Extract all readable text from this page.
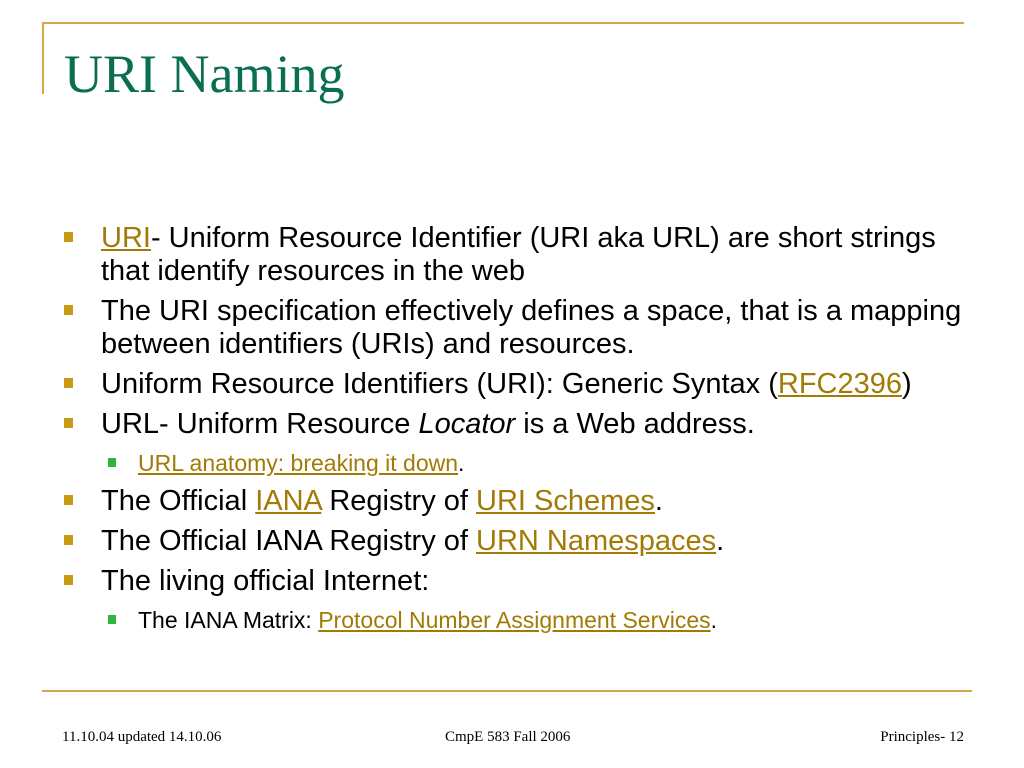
URI Naming
URI- Uniform Resource Identifier (URI aka URL) are short strings that identify resources in the web
The URI specification effectively defines a space, that is a mapping between identifiers (URIs) and resources.
Uniform Resource Identifiers (URI): Generic Syntax (RFC2396)
URL- Uniform Resource Locator is a Web address.
URL anatomy: breaking it down.
The Official IANA Registry of URI Schemes.
The Official IANA Registry of URN Namespaces.
The living official Internet:
The IANA Matrix: Protocol Number Assignment Services.
11.10.04 updated 14.10.06	CmpE 583 Fall 2006	Principles- 12
